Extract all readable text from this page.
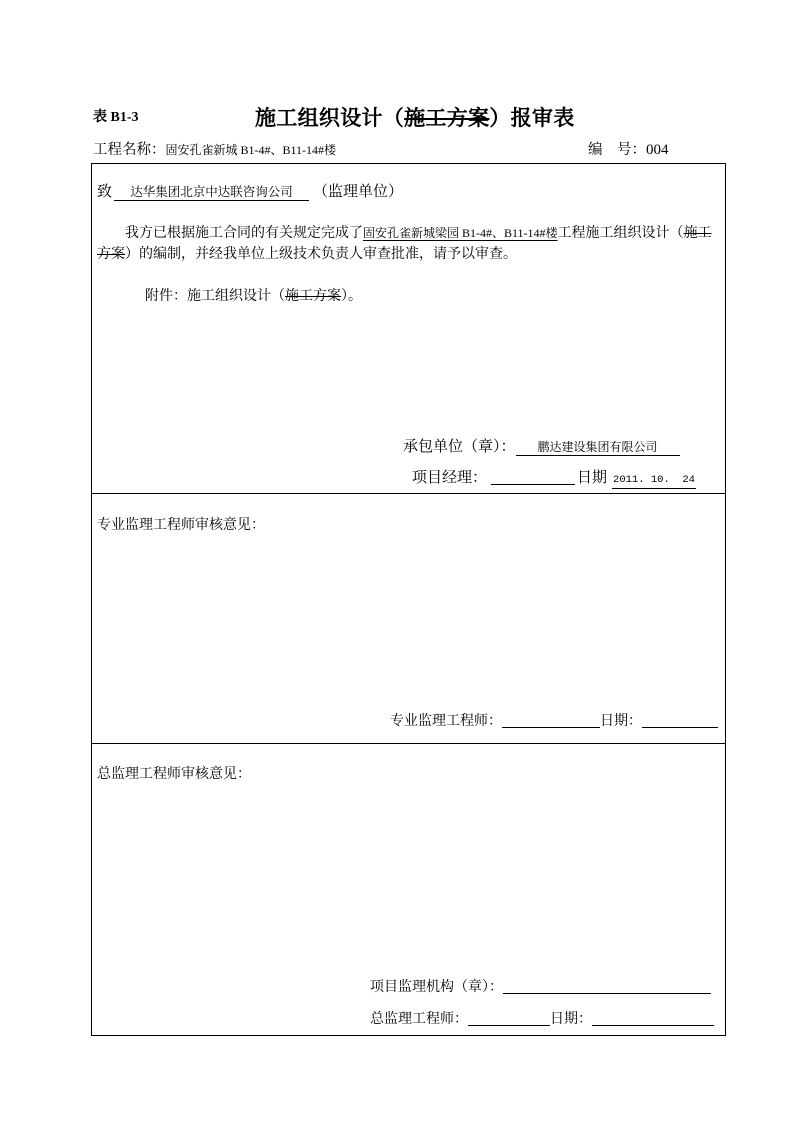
表 B1-3	施工组织设计（施工方案）报审表
工程名称：固安孔雀新城 B1-4#、B11-14#楼	编　号：004
致 达华集团北京中达联咨询公司 （监理单位）
我方已根据施工合同的有关规定完成了固安孔雀新城梁园 B1-4#、B11-14#楼工程施工组织设计（施工
方案）的编制，并经我单位上级技术负责人审查批准，请予以审查。
附件：施工组织设计（施工方案）。
承包单位（章）： 鹏达建设集团有限公司
项目经理：	日期 2011. 10.  24
专业监理工程师审核意见：
专业监理工程师：	日期：
总监理工程师审核意见：
项目监理机构（章）：
总监理工程师：	日期：
